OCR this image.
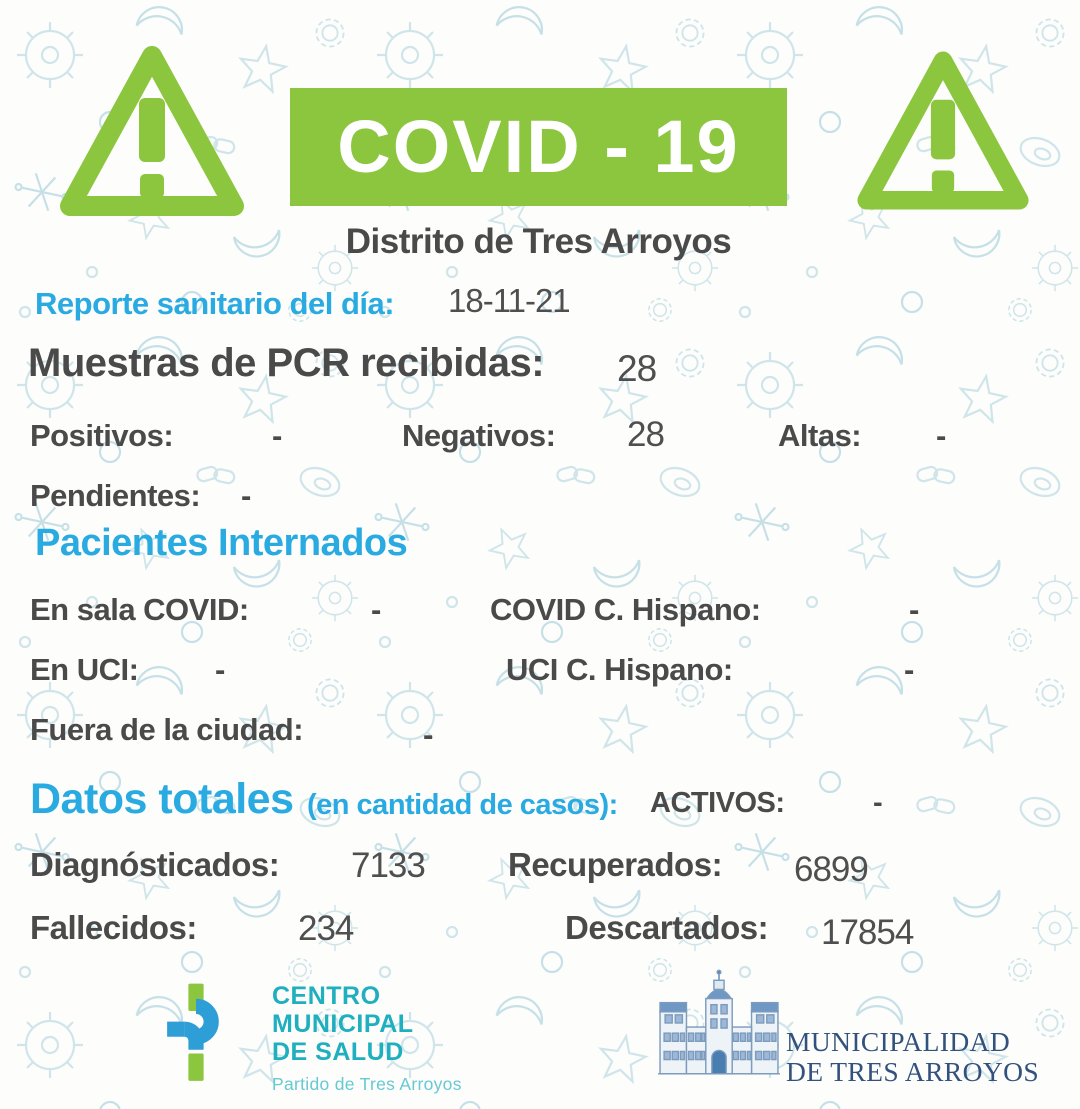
COVID - 19
Distrito de Tres Arroyos
Reporte sanitario del día: 18-11-21
Muestras de PCR recibidas: 28
Positivos:	-	Negativos: 28	Altas: -
Pendientes: -
Pacientes Internados
En sala COVID:	-	COVID C. Hispano:	-
En UCI: -	UCI C. Hispano:	-
Fuera de la ciudad:	-
Datos totales (en cantidad de casos): ACTIVOS:	-
Diagnósticados: 7133	Recuperados: 6899
Fallecidos:	234	Descartados: 17854
CENTRO
MUNICIPAL
DE SALUD
Partido de Tres Arroyos
MUNICIPALIDAD
DE TRES ARROYOS
